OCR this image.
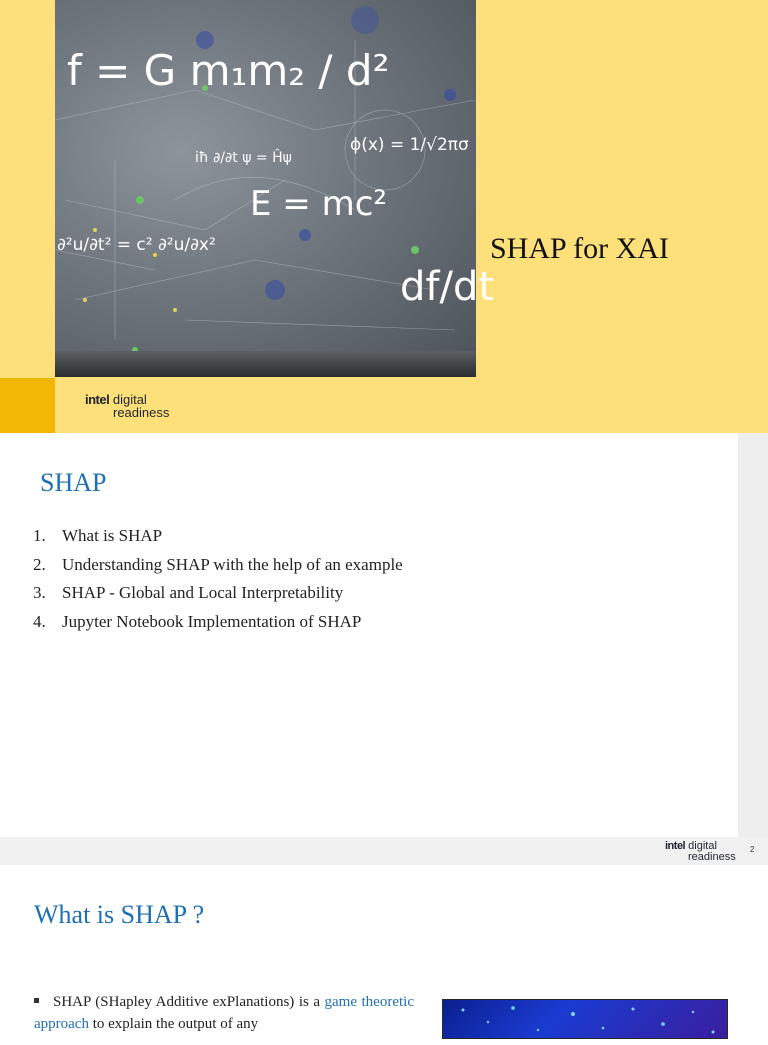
f = G m₁m₂ / d²
ϕ(x) = 1/√2πσ
E = mc²
df/dt
iħ ∂/∂t ψ = Ĥψ
∂²u/∂t² = c² ∂²u/∂x²	SHAP for XAI
intel digital
readiness
SHAP
1. What is SHAP
2. Understanding SHAP with the help of an example
3. SHAP - Global and Local Interpretability
4. Jupyter Notebook Implementation of SHAP
intel digital
readiness
2
What is SHAP ?
SHAP (SHapley Additive exPlanations) is a game theoretic approach to explain the output of any
